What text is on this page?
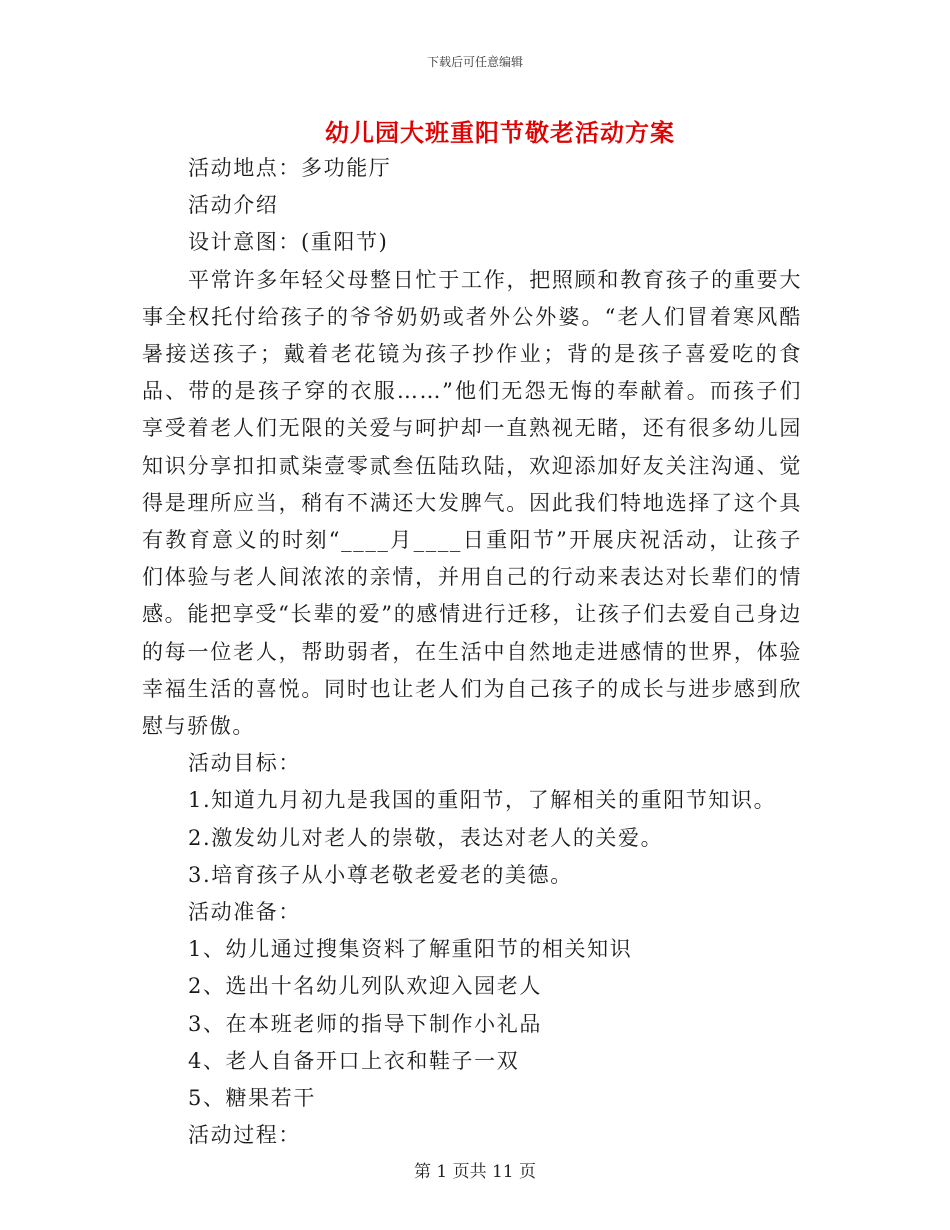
下载后可任意编辑
幼儿园大班重阳节敬老活动方案

活动地点：多功能厅

活动介绍

设计意图：(重阳节)

平常许多年轻父母整日忙于工作，把照顾和教育孩子的重要大事全权托付给孩子的爷爷奶奶或者外公外婆。“老人们冒着寒风酷暑接送孩子；戴着老花镜为孩子抄作业；背的是孩子喜爱吃的食品、带的是孩子穿的衣服……”他们无怨无悔的奉献着。而孩子们享受着老人们无限的关爱与呵护却一直熟视无睹，还有很多幼儿园知识分享扣扣贰柒壹零贰叁伍陆玖陆，欢迎添加好友关注沟通、觉得是理所应当，稍有不满还大发脾气。因此我们特地选择了这个具有教育意义的时刻“____月____日重阳节”开展庆祝活动，让孩子们体验与老人间浓浓的亲情，并用自己的行动来表达对长辈们的情感。能把享受“长辈的爱”的感情进行迁移，让孩子们去爱自己身边的每一位老人，帮助弱者，在生活中自然地走进感情的世界，体验幸福生活的喜悦。同时也让老人们为自己孩子的成长与进步感到欣慰与骄傲。

活动目标：

1.知道九月初九是我国的重阳节，了解相关的重阳节知识。

2.激发幼儿对老人的崇敬，表达对老人的关爱。

3.培育孩子从小尊老敬老爱老的美德。

活动准备：

1、幼儿通过搜集资料了解重阳节的相关知识

2、选出十名幼儿列队欢迎入园老人

3、在本班老师的指导下制作小礼品

4、老人自备开口上衣和鞋子一双

5、糖果若干

活动过程：

第 1 页共 11 页
